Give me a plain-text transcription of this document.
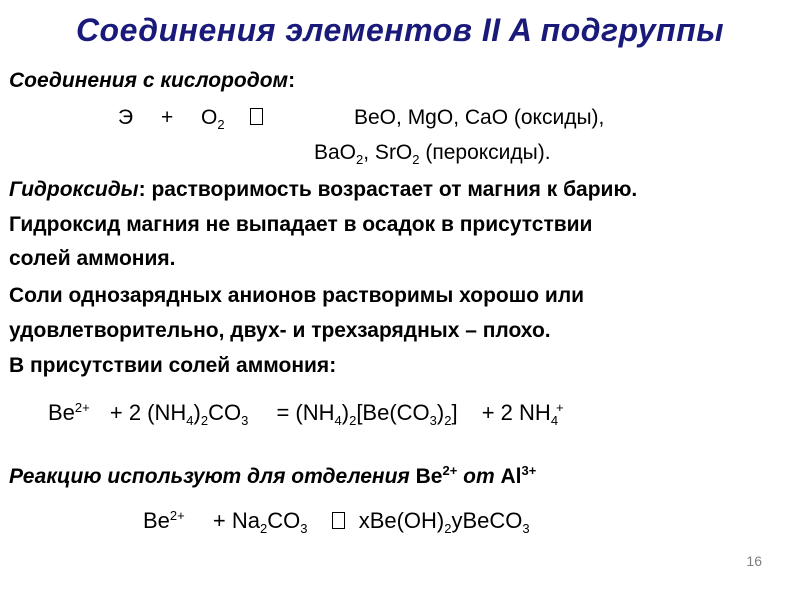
Соединения элементов II A подгруппы
Соединения с кислородом:
$Э + O_2$	BeO, MgO, CaO (оксиды),
BaO$_2$, SrO$_2$ (пероксиды).
Гидроксиды: растворимость возрастает от магния к барию.
Гидроксид магния не выпадает в осадок в присутствии
солей аммония.
Соли однозарядных анионов растворимы хорошо или
удовлетворительно, двух- и трехзарядных – плохо.
В присутствии солей аммония:
$Be^{2+} + 2$ $(NH_4)_2CO_3 = (NH_4)_2[Be(CO_3)_2] + 2$ $NH_4^+$
Реакцию используют для отделения $Be^{2+}$ от $Al^{3+}$
$Be^{2+} + Na_2CO_3$ $xBe(OH)_2yBeCO_3$
16
